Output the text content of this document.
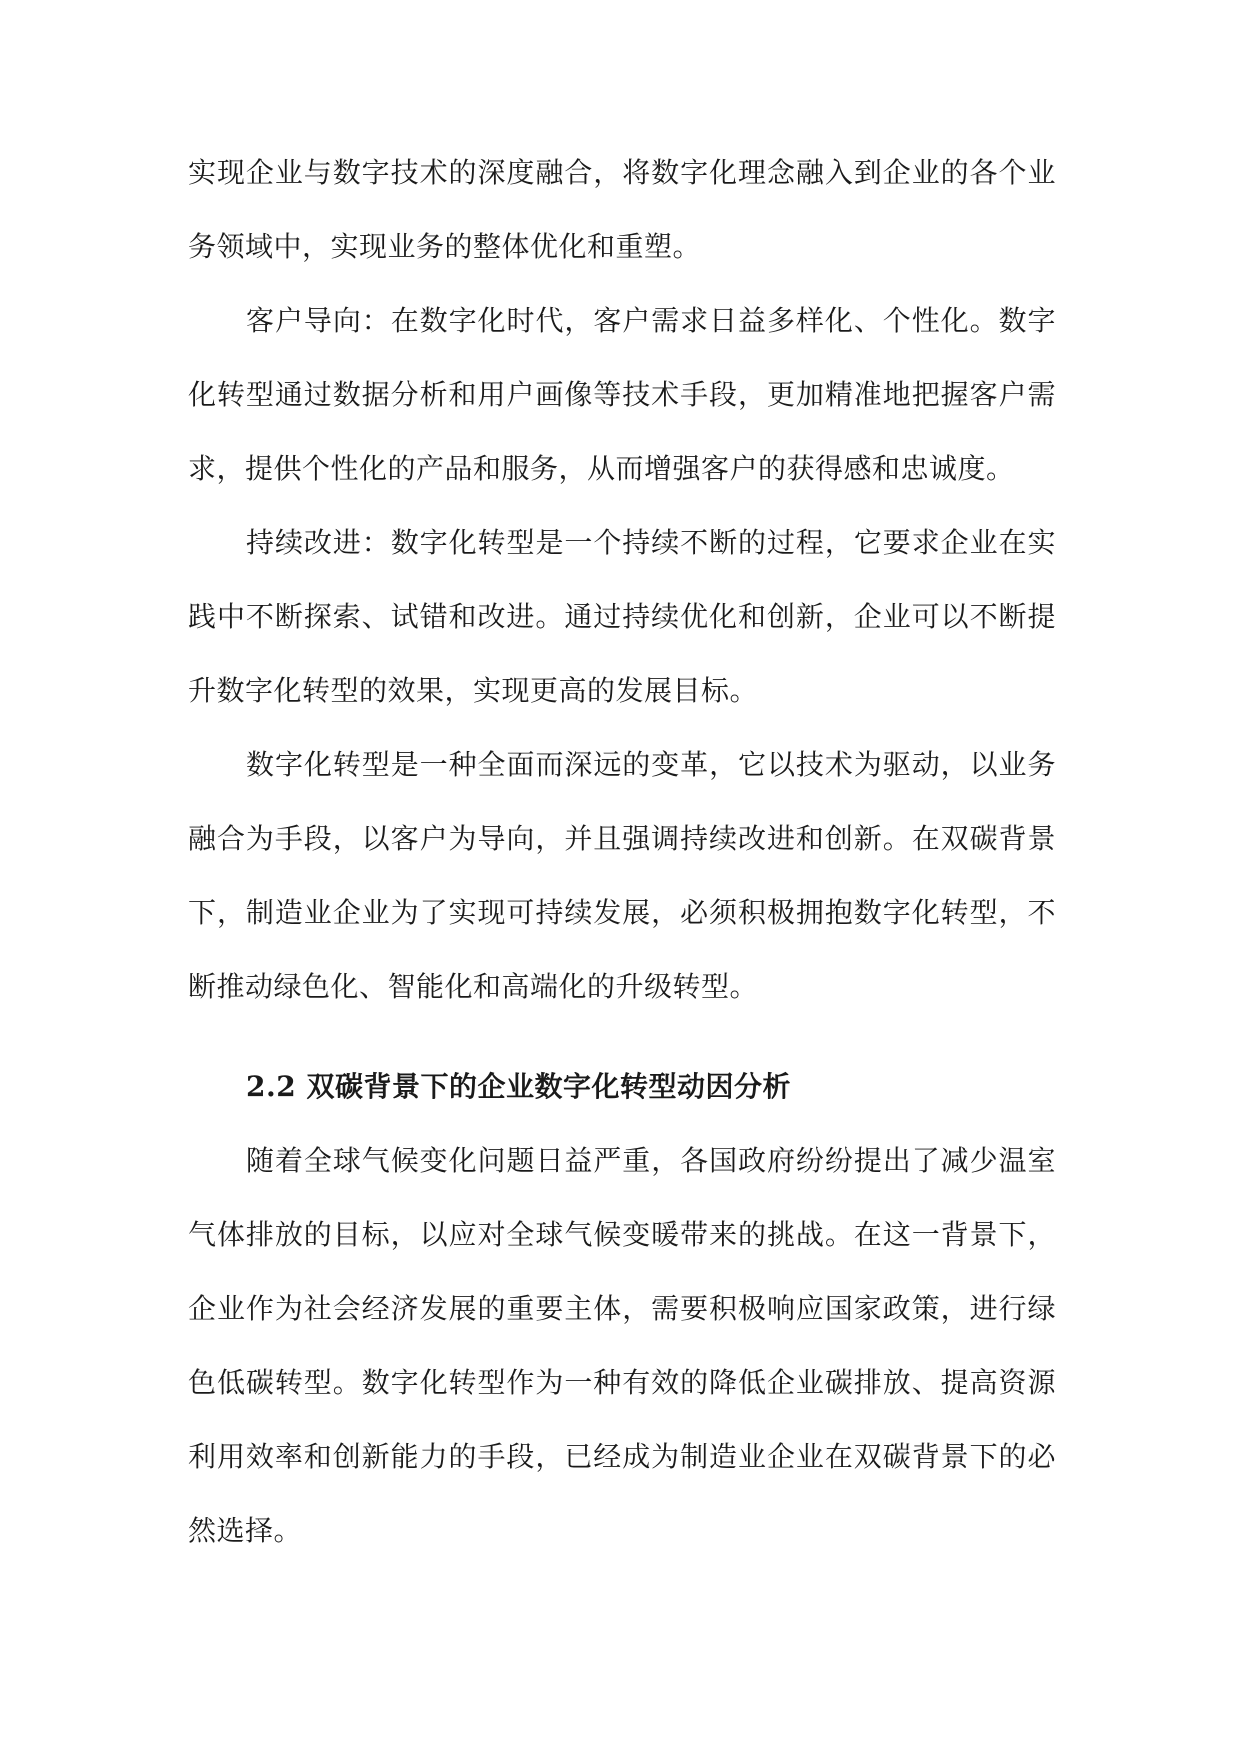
实现企业与数字技术的深度融合，将数字化理念融入到企业的各个业务领域中，实现业务的整体优化和重塑。

客户导向：在数字化时代，客户需求日益多样化、个性化。数字化转型通过数据分析和用户画像等技术手段，更加精准地把握客户需求，提供个性化的产品和服务，从而增强客户的获得感和忠诚度。

持续改进：数字化转型是一个持续不断的过程，它要求企业在实践中不断探索、试错和改进。通过持续优化和创新，企业可以不断提升数字化转型的效果，实现更高的发展目标。

数字化转型是一种全面而深远的变革，它以技术为驱动，以业务融合为手段，以客户为导向，并且强调持续改进和创新。在双碳背景下，制造业企业为了实现可持续发展，必须积极拥抱数字化转型，不断推动绿色化、智能化和高端化的升级转型。

2.2 双碳背景下的企业数字化转型动因分析

随着全球气候变化问题日益严重，各国政府纷纷提出了减少温室气体排放的目标，以应对全球气候变暖带来的挑战。在这一背景下，企业作为社会经济发展的重要主体，需要积极响应国家政策，进行绿色低碳转型。数字化转型作为一种有效的降低企业碳排放、提高资源利用效率和创新能力的手段，已经成为制造业企业在双碳背景下的必然选择。
